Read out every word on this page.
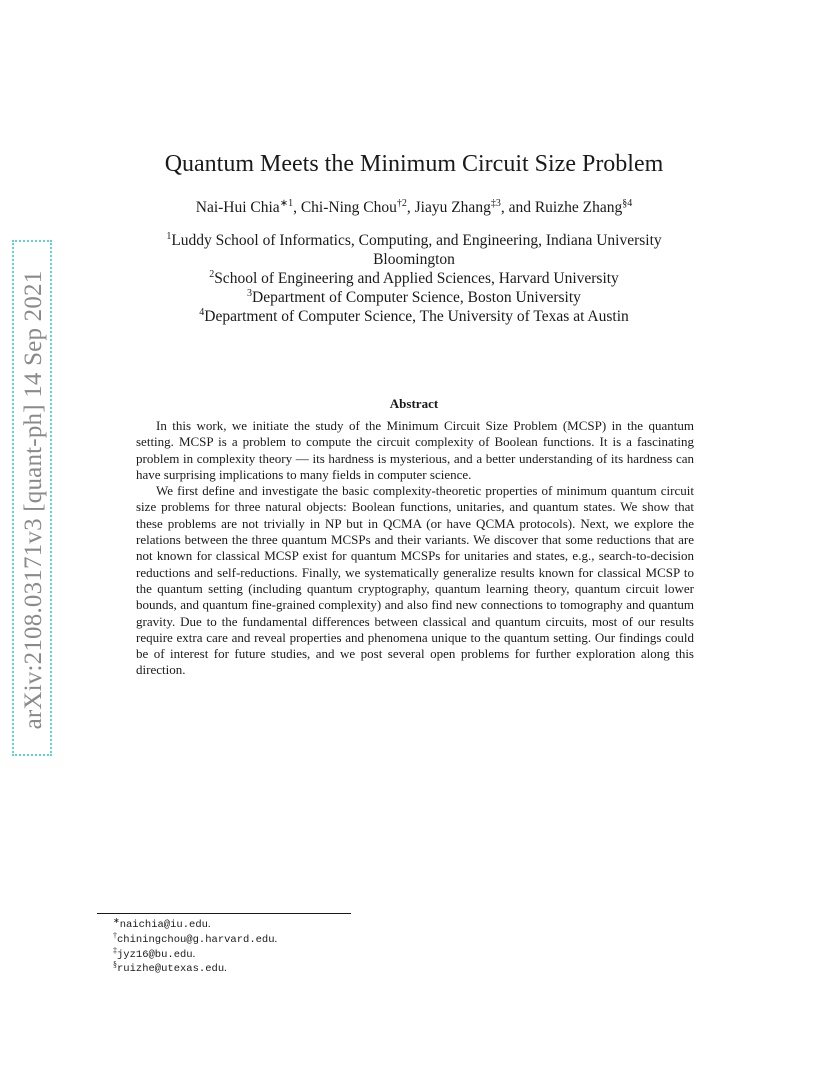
arXiv:2108.03171v3 [quant-ph] 14 Sep 2021
Quantum Meets the Minimum Circuit Size Problem
Nai-Hui Chia$^{∗1}$, Chi-Ning Chou$^{\dagger 2}$, Jiayu Zhang$^{\ddagger 3}$, and Ruizhe Zhang$^{\S 4}$

$^1$Luddy School of Informatics, Computing, and Engineering, Indiana University

Bloomington

$^2$School of Engineering and Applied Sciences, Harvard University

$^3$Department of Computer Science, Boston University

$^4$Department of Computer Science, The University of Texas at Austin

Abstract

In this work, we initiate the study of the Minimum Circuit Size Problem (MCSP) in the quantum setting. MCSP is a problem to compute the circuit complexity of Boolean functions. It is a fascinating problem in complexity theory — its hardness is mysterious, and a better understanding of its hardness can have surprising implications to many fields in computer science.

We first define and investigate the basic complexity-theoretic properties of minimum quantum circuit size problems for three natural objects: Boolean functions, unitaries, and quantum states. We show that these problems are not trivially in NP but in QCMA (or have QCMA protocols). Next, we explore the relations between the three quantum MCSPs and their variants. We discover that some reductions that are not known for classical MCSP exist for quantum MCSPs for unitaries and states, e.g., search-to-decision reductions and self-reductions. Finally, we systematically generalize results known for classical MCSP to the quantum setting (including quantum cryptography, quantum learning theory, quantum circuit lower bounds, and quantum fine-grained complexity) and also find new connections to tomography and quantum gravity. Due to the fundamental differences between classical and quantum circuits, most of our results require extra care and reveal properties and phenomena unique to the quantum setting. Our findings could be of interest for future studies, and we post several open problems for further exploration along this direction.

∗naichia@iu.edu.
†chiningchou@g.harvard.edu.
‡jyz16@bu.edu.
§ruizhe@utexas.edu.
